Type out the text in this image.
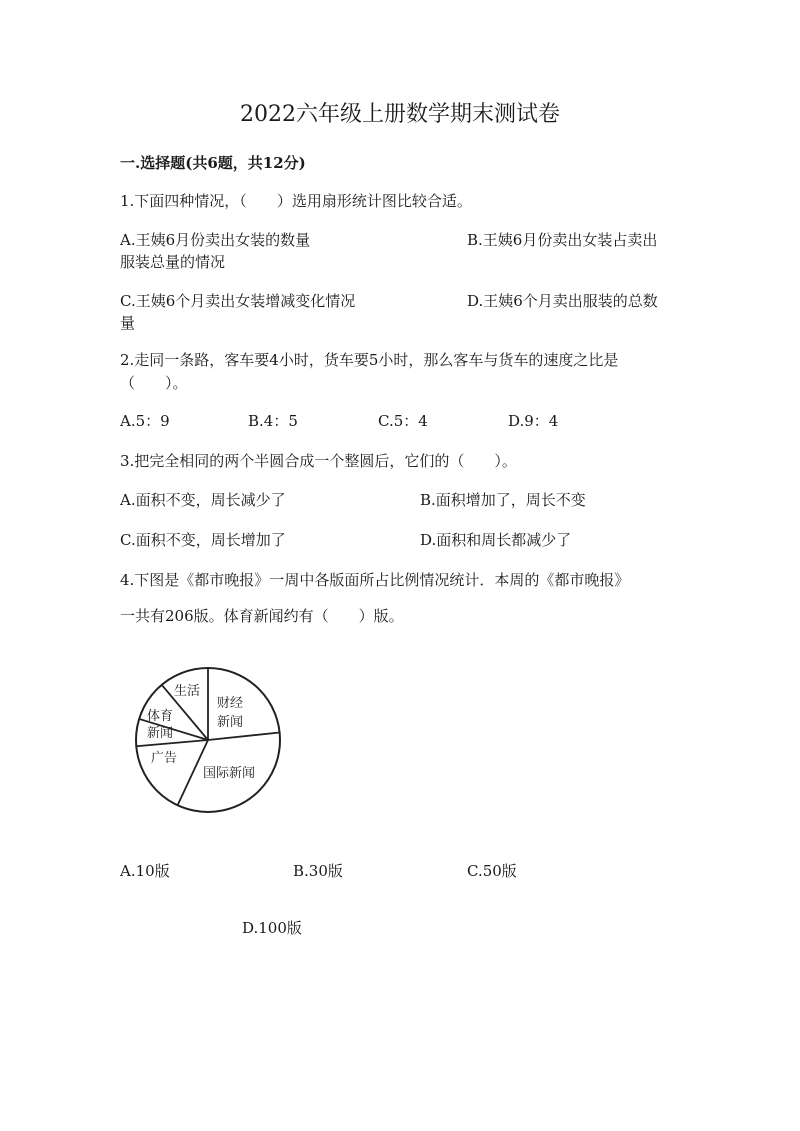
2022六年级上册数学期末测试卷
一.选择题(共6题，共12分)
1.下面四种情况，（　　）选用扇形统计图比较合适。
A.王姨6月份卖出女装的数量
服装总量的情况
B.王姨6月份卖出女装占卖出
C.王姨6个月卖出女装增减变化情况
量
D.王姨6个月卖出服装的总数
2.走同一条路，客车要4小时，货车要5小时，那么客车与货车的速度之比是
（　　）。
A.5：9	B.4：5	C.5：4	D.9：4
3.把完全相同的两个半圆合成一个整圆后，它们的（　　）。
A.面积不变，周长减少了	B.面积增加了，周长不变
C.面积不变，周长增加了	D.面积和周长都减少了
4.下图是《都市晚报》一周中各版面所占比例情况统计．本周的《都市晚报》
一共有206版。体育新闻约有（　　）版。
生活
财经
新闻
体育
新闻
广告
国际新闻
A.10版	B.30版	C.50版
D.100版
